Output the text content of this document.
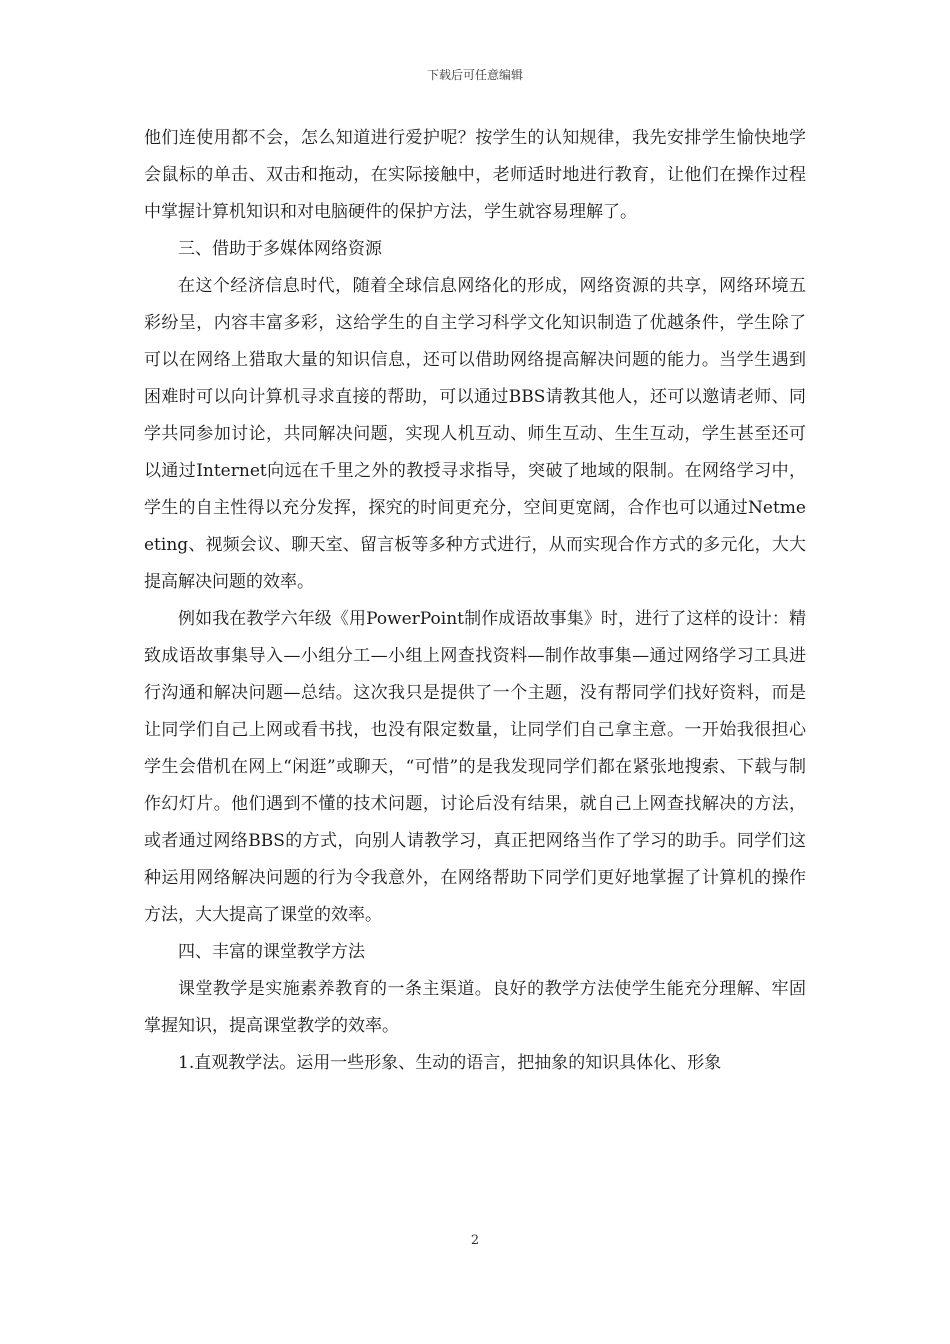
下载后可任意编辑

他们连使用都不会，怎么知道进行爱护呢？按学生的认知规律，我先安排学生愉快地学会鼠标的单击、双击和拖动，在实际接触中，老师适时地进行教育，让他们在操作过程中掌握计算机知识和对电脑硬件的保护方法，学生就容易理解了。

三、借助于多媒体网络资源

在这个经济信息时代，随着全球信息网络化的形成，网络资源的共享，网络环境五彩纷呈，内容丰富多彩，这给学生的自主学习科学文化知识制造了优越条件，学生除了可以在网络上猎取大量的知识信息，还可以借助网络提高解决问题的能力。当学生遇到困难时可以向计算机寻求直接的帮助，可以通过BBS请教其他人，还可以邀请老师、同学共同参加讨论，共同解决问题，实现人机互动、师生互动、生生互动，学生甚至还可以通过Internet向远在千里之外的教授寻求指导，突破了地域的限制。在网络学习中，学生的自主性得以充分发挥，探究的时间更充分，空间更宽阔，合作也可以通过Netmeeting、视频会议、聊天室、留言板等多种方式进行，从而实现合作方式的多元化，大大提高解决问题的效率。

例如我在教学六年级《用PowerPoint制作成语故事集》时，进行了这样的设计：精致成语故事集导入—小组分工—小组上网查找资料—制作故事集—通过网络学习工具进行沟通和解决问题—总结。这次我只是提供了一个主题，没有帮同学们找好资料，而是让同学们自己上网或看书找，也没有限定数量，让同学们自己拿主意。一开始我很担心学生会借机在网上“闲逛”或聊天，“可惜”的是我发现同学们都在紧张地搜索、下载与制作幻灯片。他们遇到不懂的技术问题，讨论后没有结果，就自己上网查找解决的方法，或者通过网络BBS的方式，向别人请教学习，真正把网络当作了学习的助手。同学们这种运用网络解决问题的行为令我意外，在网络帮助下同学们更好地掌握了计算机的操作方法，大大提高了课堂的效率。

四、丰富的课堂教学方法

课堂教学是实施素养教育的一条主渠道。良好的教学方法使学生能充分理解、牢固掌握知识，提高课堂教学的效率。

1.直观教学法。运用一些形象、生动的语言，把抽象的知识具体化、形象

2
